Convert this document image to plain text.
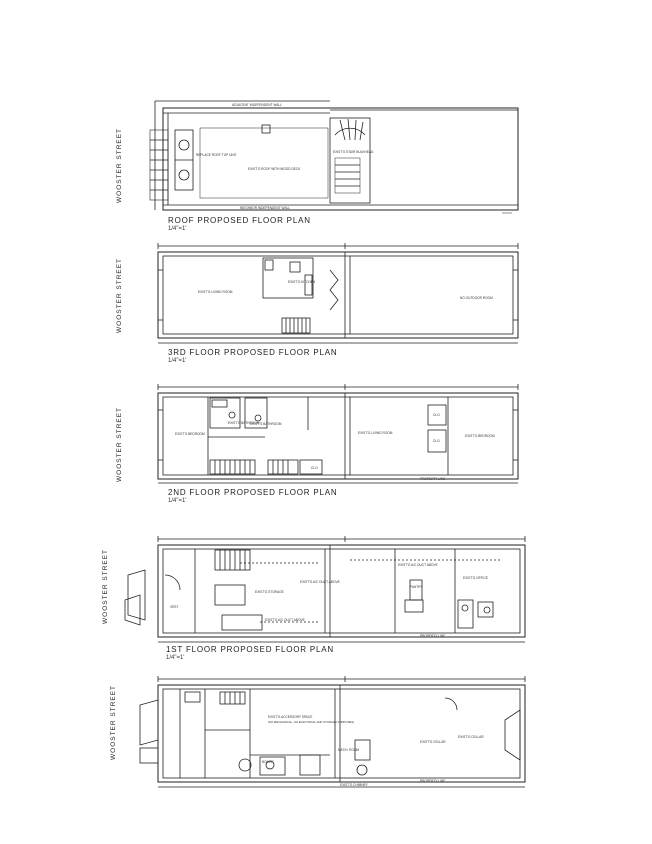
WOOSTER STREET
WOOSTER STREET
WOOSTER STREET
WOOSTER STREET
WOOSTER STREET
ROOF PROPOSED FLOOR PLAN
1/4"=1'
3RD FLOOR PROPOSED FLOOR PLAN
1/4"=1'
2ND FLOOR PROPOSED FLOOR PLAN
1/4"=1'
1ST FLOOR PROPOSED FLOOR PLAN
1/4"=1'
ADJACENT INDEPENDENT WALL
NEIGHBOR INDEPENDENT WALL
EXIST'G ROOF WITH WOOD DECK
EXIST'G STAIR BULKHEAD
REPLACE ROOF TOP UNIT
EXIST'G LIVING ROOM
EXIST'G KITCHEN
NO OUTDOOR ROOM
EXIST'G BEDROOM
EXIST'G BATHROOM
EXIST'G BATHROOM
EXIST'G LIVING ROOM
EXIST'G BEDROOM
CLO.
CLO.
CLO.
PROPERTY LINE
EXIST'G STORAGE
EXIST'G OFFICE
PANTRY
EXIST'G A/C DUCT ABOVE
EXIST'G A/C DUCT ABOVE
EXIST'G A/C DUCT ABOVE
VEST.
PROPERTY LINE
EXIST'G ACCESSORY SPACE
(NO MECHANICAL, NO ELECTRICAL AND STORAGE PURPOSES)
EXIST'G CELLAR
EXIST'G CELLAR
BOILER
MECH. ROOM
PROPERTY LINE
EXIST'G CHIMNEY
